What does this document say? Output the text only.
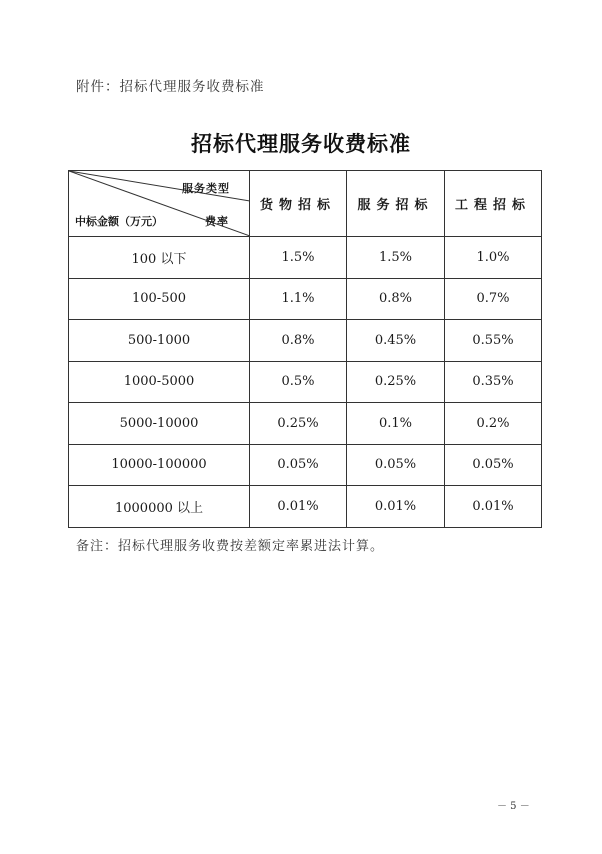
附件：招标代理服务收费标准
招标代理服务收费标准
服务类型
费率
中标金额（万元）	货物招标	服务招标	工程招标
100 以下	1.5%	1.5%	1.0%
100-500	1.1%	0.8%	0.7%
500-1000	0.8%	0.45%	0.55%
1000-5000	0.5%	0.25%	0.35%
5000-10000	0.25%	0.1%	0.2%
10000-100000	0.05%	0.05%	0.05%
1000000 以上	0.01%	0.01%	0.01%
备注：招标代理服务收费按差额定率累进法计算。
－ 5 －
